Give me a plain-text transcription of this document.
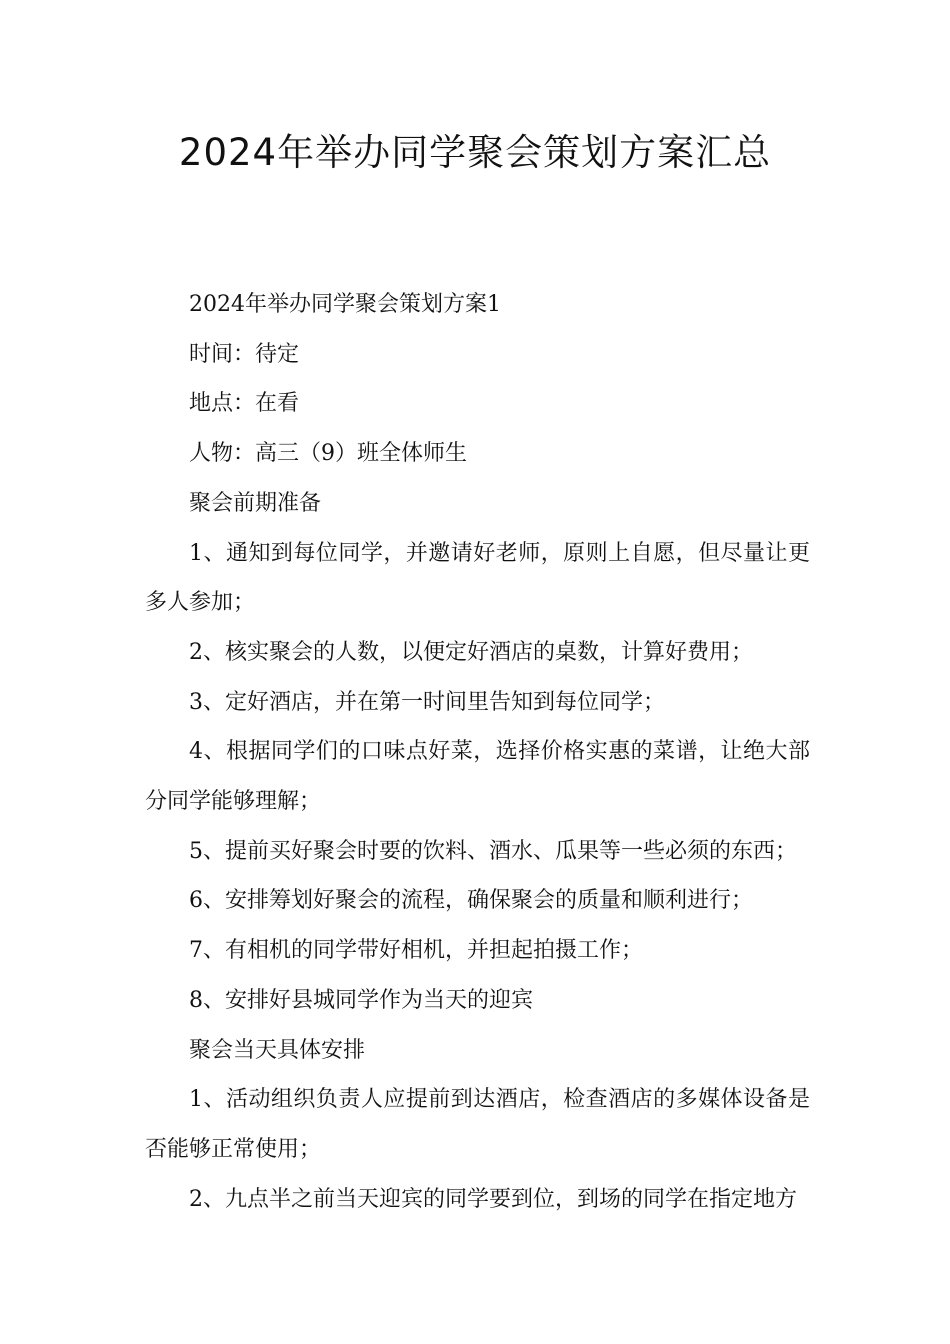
2024年举办同学聚会策划方案汇总

2024年举办同学聚会策划方案1

时间：待定

地点：在看

人物：高三（9）班全体师生

聚会前期准备

1、通知到每位同学，并邀请好老师，原则上自愿，但尽量让更多人参加；

2、核实聚会的人数，以便定好酒店的桌数，计算好费用；

3、定好酒店，并在第一时间里告知到每位同学；

4、根据同学们的口味点好菜，选择价格实惠的菜谱，让绝大部分同学能够理解；

5、提前买好聚会时要的饮料、酒水、瓜果等一些必须的东西；

6、安排筹划好聚会的流程，确保聚会的质量和顺利进行；

7、有相机的同学带好相机，并担起拍摄工作；

8、安排好县城同学作为当天的迎宾

聚会当天具体安排

1、活动组织负责人应提前到达酒店，检查酒店的多媒体设备是否能够正常使用；

2、九点半之前当天迎宾的同学要到位，到场的同学在指定地方
